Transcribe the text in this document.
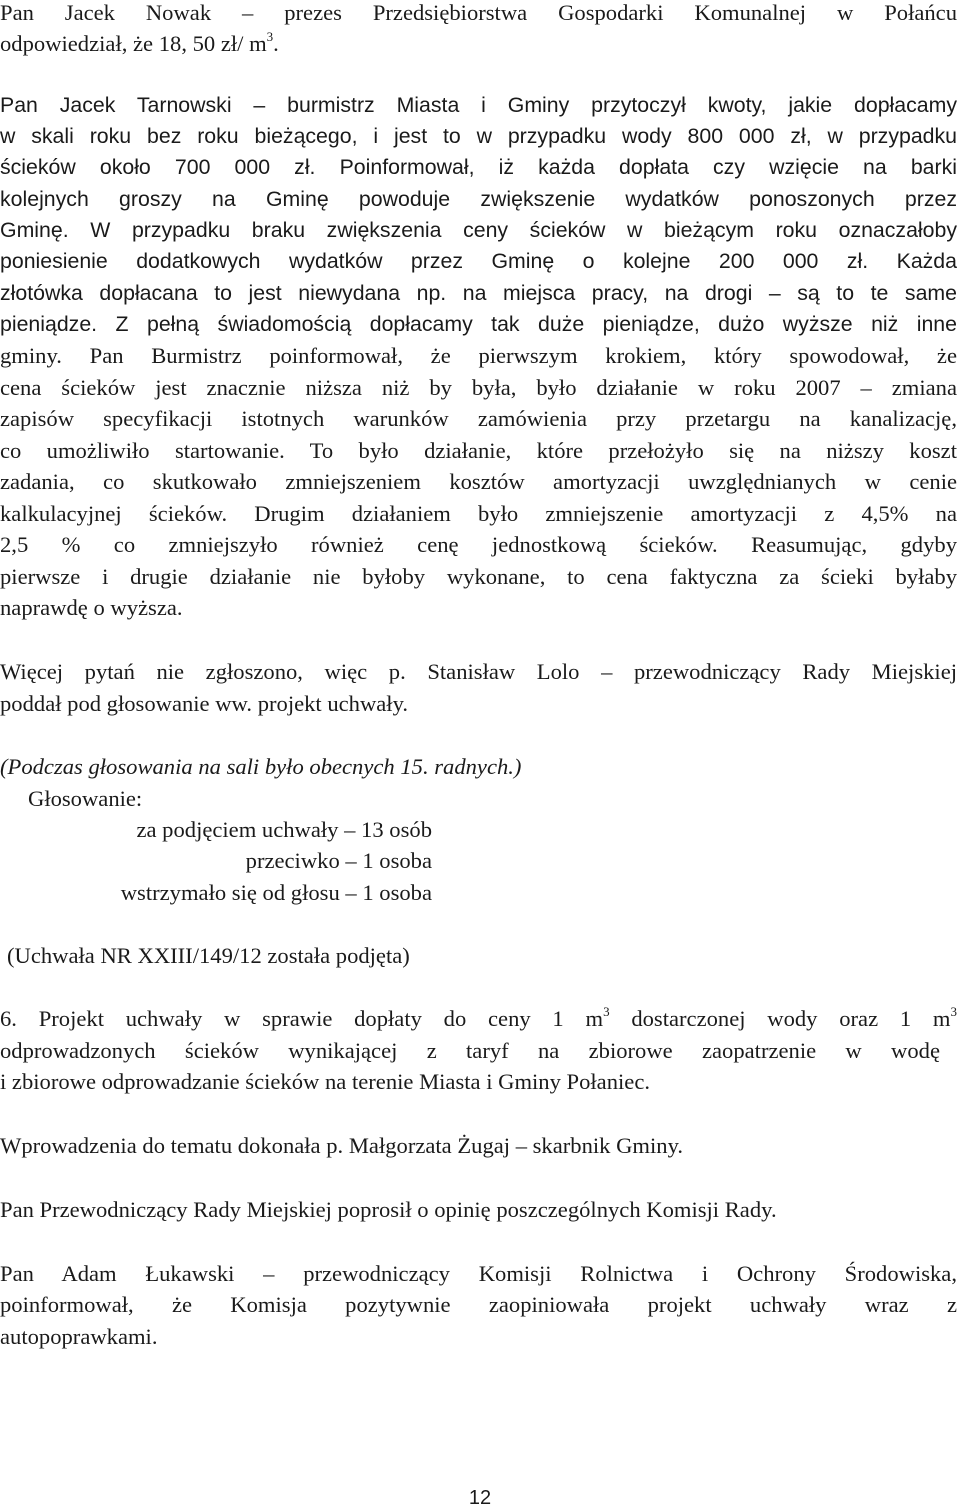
Pan Jacek Nowak – prezes Przedsiębiorstwa Gospodarki Komunalnej w Połańcu
odpowiedział, że 18, 50 zł/ $m^3$.
Pan Jacek Tarnowski – burmistrz Miasta i Gminy przytoczył kwoty, jakie dopłacamy
w skali roku bez roku bieżącego, i jest to w przypadku wody 800 000 zł, w przypadku
ścieków około 700 000 zł. Poinformował, iż każda dopłata czy wzięcie na barki
kolejnych groszy na Gminę powoduje zwiększenie wydatków ponoszonych przez
Gminę. W przypadku braku zwiększenia ceny ścieków w bieżącym roku oznaczałoby
poniesienie dodatkowych wydatków przez Gminę o kolejne 200 000 zł. Każda
złotówka dopłacana to jest niewydana np. na miejsca pracy, na drogi – są to te same
pieniądze. Z pełną świadomością dopłacamy tak duże pieniądze, dużo wyższe niż inne
gminy. Pan Burmistrz poinformował, że pierwszym krokiem, który spowodował, że
cena ścieków jest znacznie niższa niż by była, było działanie w roku 2007 – zmiana
zapisów specyfikacji istotnych warunków zamówienia przy przetargu na kanalizację,
co umożliwiło startowanie. To było działanie, które przełożyło się na niższy koszt
zadania, co skutkowało zmniejszeniem kosztów amortyzacji uwzględnianych w cenie
kalkulacyjnej ścieków. Drugim działaniem było zmniejszenie amortyzacji z 4,5% na
2,5 % co zmniejszyło również cenę jednostkową ścieków. Reasumując, gdyby
pierwsze i drugie działanie nie byłoby wykonane, to cena faktyczna za ścieki byłaby
naprawdę o wyższa.
Więcej pytań nie zgłoszono, więc p. Stanisław Lolo – przewodniczący Rady Miejskiej
poddał pod głosowanie ww. projekt uchwały.
(Podczas głosowania na sali było obecnych 15. radnych.)
Głosowanie:
za podjęciem uchwały – 13 osób
przeciwko – 1 osoba
wstrzymało się od głosu – 1 osoba
(Uchwała NR XXIII/149/12 została podjęta)
6. Projekt uchwały w sprawie dopłaty do ceny 1 $m^3$ dostarczonej wody oraz 1 $m^3$
odprowadzonych ścieków wynikającej z taryf na zbiorowe zaopatrzenie w wodę
i zbiorowe odprowadzanie ścieków na terenie Miasta i Gminy Połaniec.
Wprowadzenia do tematu dokonała p. Małgorzata Żugaj – skarbnik Gminy.
Pan Przewodniczący Rady Miejskiej poprosił o opinię poszczególnych Komisji Rady.
Pan Adam Łukawski – przewodniczący Komisji Rolnictwa i Ochrony Środowiska,
poinformował, że Komisja pozytywnie zaopiniowała projekt uchwały wraz z
autopoprawkami.
12
